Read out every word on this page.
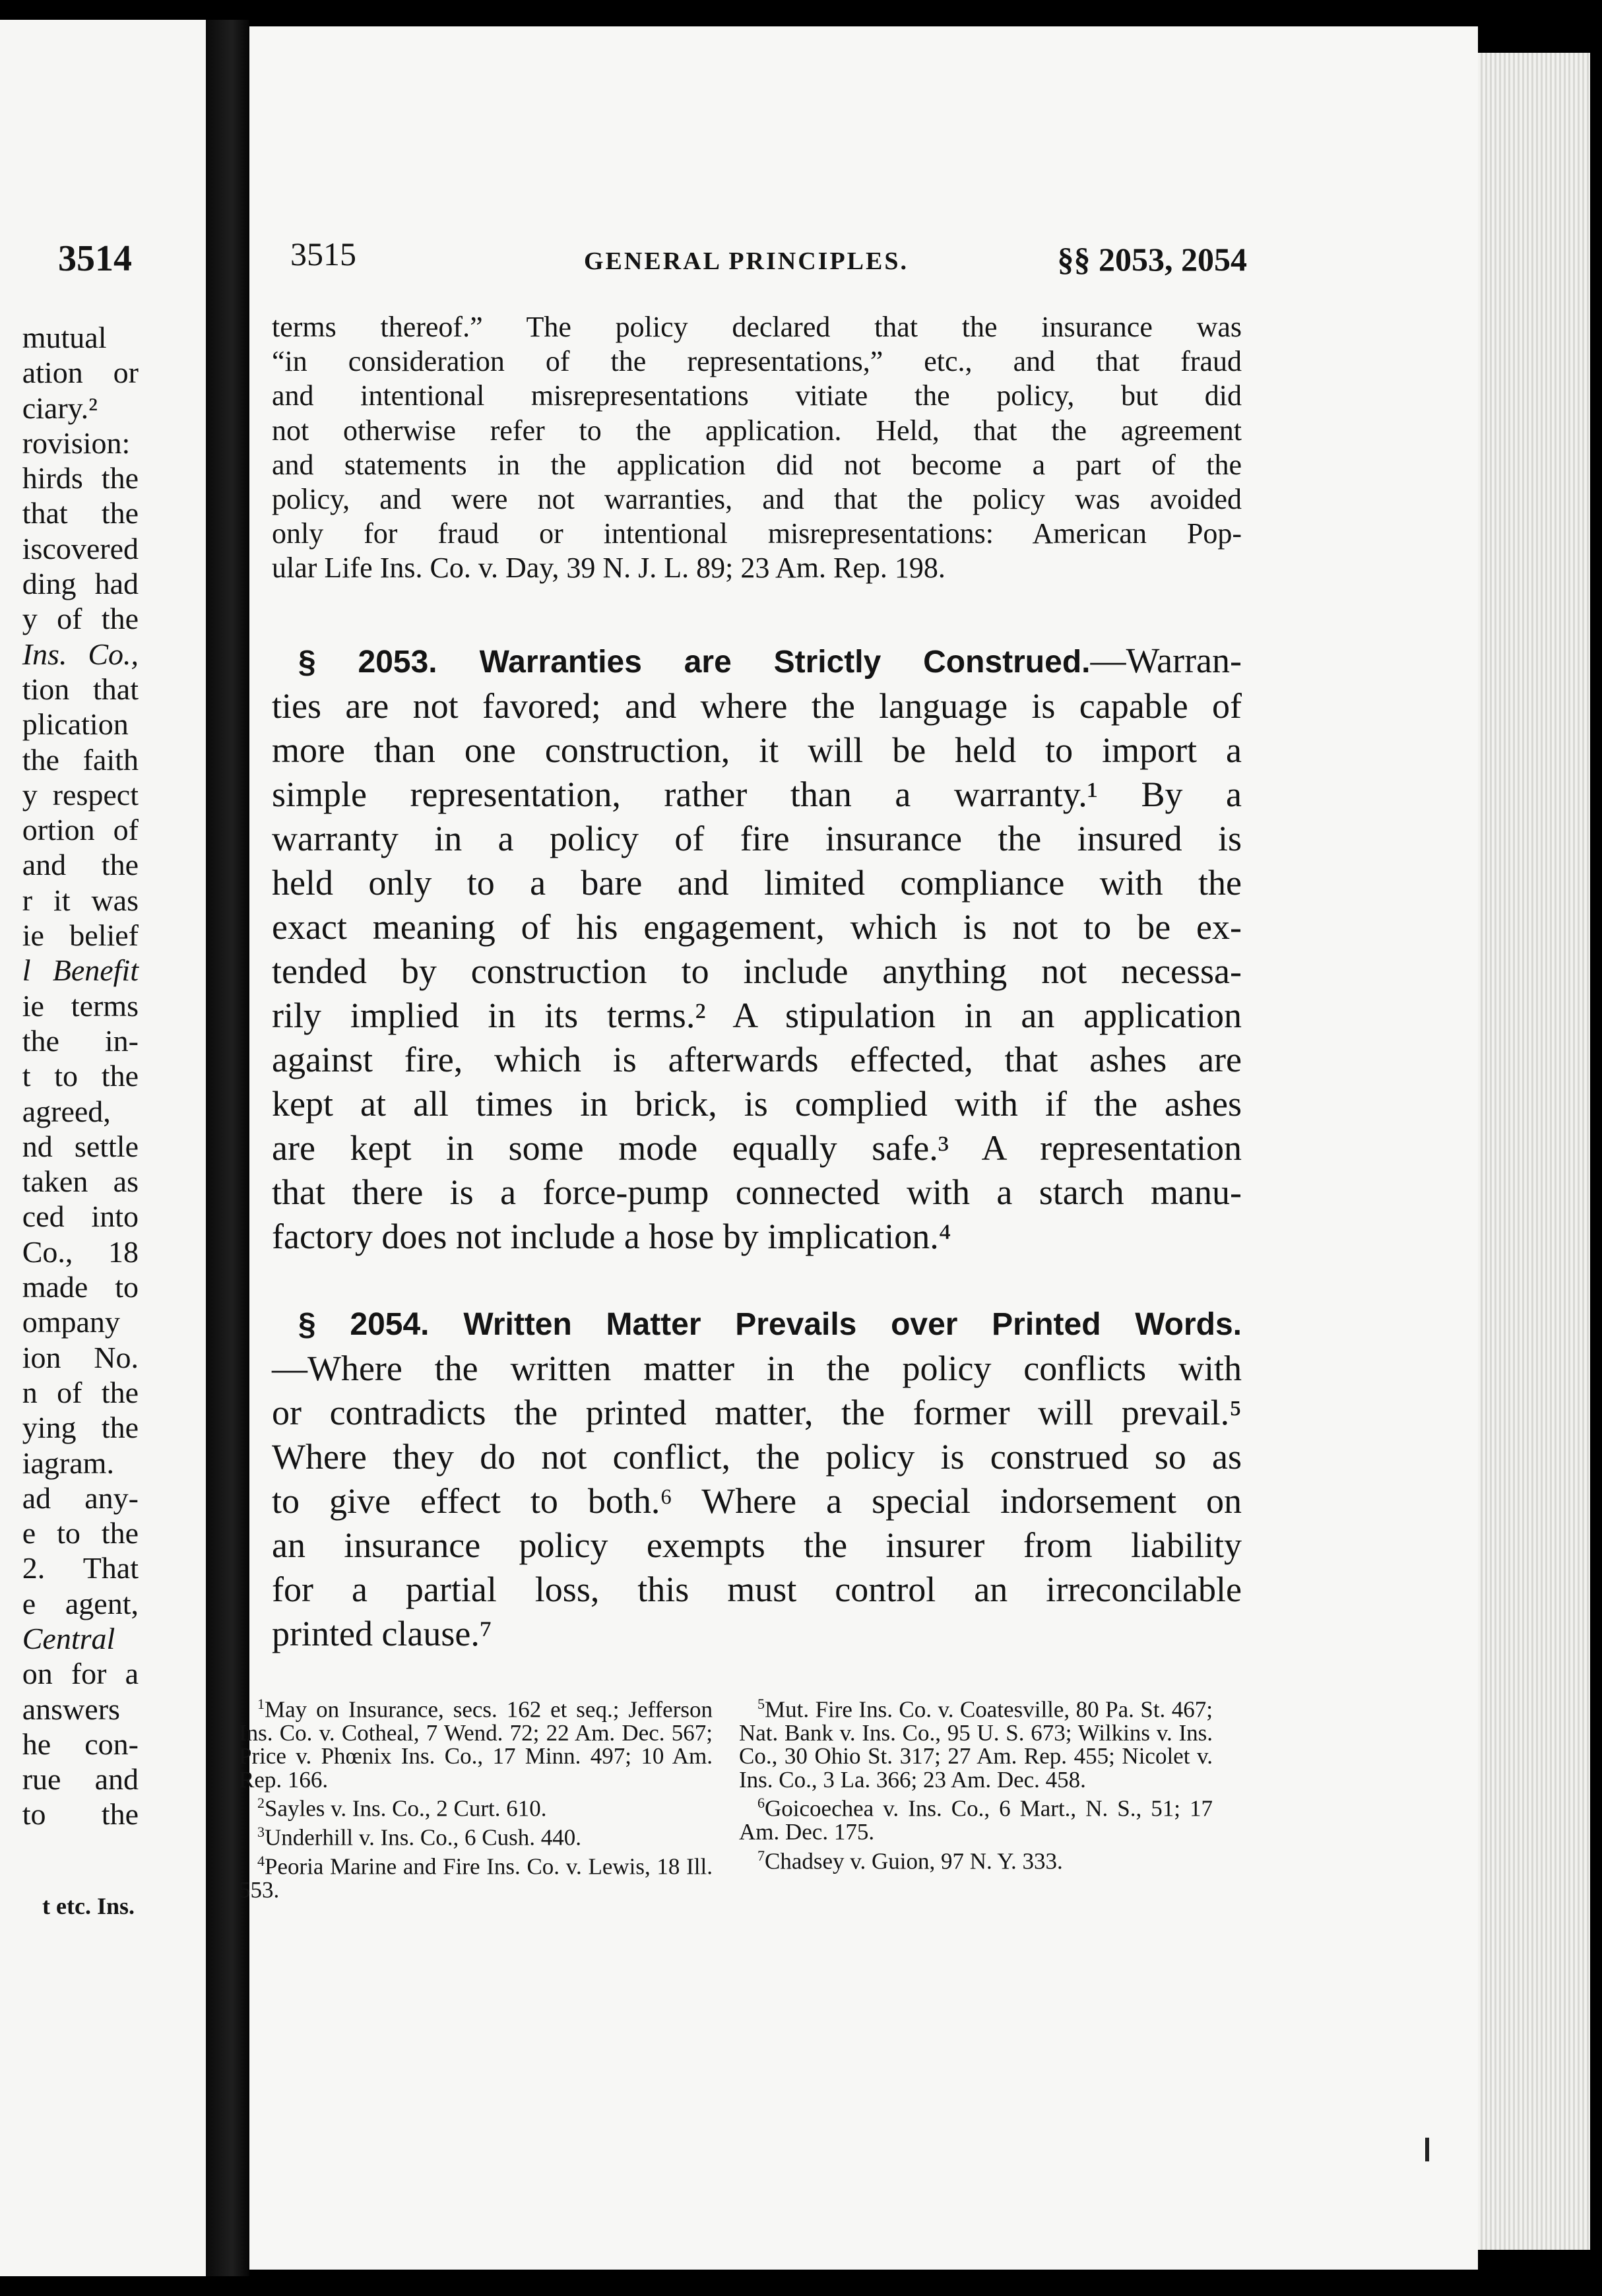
3514
mutual
ation or
ciary.²
rovision:
hirds the
that the
iscovered
ding had
y of the
Ins. Co.,
tion that
plication
the faith
y respect
ortion of
and the
r it was
ie belief
l Benefit
ie terms
the in-
t to the
agreed,
nd settle
taken as
ced into
Co., 18
made to
ompany
ion No.
n of the
ying the
iagram.
ad any-
e to the
2. That
e agent,
Central
on for a
answers
he con-
rue and
to the
t etc. Ins.
3515	GENERAL PRINCIPLES.	§§ 2053, 2054
terms thereof.” The policy declared that the insurance was
“in consideration of the representations,” etc., and that fraud
and intentional misrepresentations vitiate the policy, but did
not otherwise refer to the application. Held, that the agreement
and statements in the application did not become a part of the
policy, and were not warranties, and that the policy was avoided
only for fraud or intentional misrepresentations: American Pop-
ular Life Ins. Co. v. Day, 39 N. J. L. 89; 23 Am. Rep. 198.
§ 2053. Warranties are Strictly Construed.—Warran-
ties are not favored; and where the language is capable of
more than one construction, it will be held to import a
simple representation, rather than a warranty.¹ By a
warranty in a policy of fire insurance the insured is
held only to a bare and limited compliance with the
exact meaning of his engagement, which is not to be ex-
tended by construction to include anything not necessa-
rily implied in its terms.² A stipulation in an application
against fire, which is afterwards effected, that ashes are
kept at all times in brick, is complied with if the ashes
are kept in some mode equally safe.³ A representation
that there is a force-pump connected with a starch manu-
factory does not include a hose by implication.⁴
§ 2054. Written Matter Prevails over Printed Words.
—Where the written matter in the policy conflicts with
or contradicts the printed matter, the former will prevail.⁵
Where they do not conflict, the policy is construed so as
to give effect to both.⁶ Where a special indorsement on
an insurance policy exempts the insurer from liability
for a partial loss, this must control an irreconcilable
printed clause.⁷
$^1$May on Insurance, secs. 162 et seq.; Jefferson Ins. Co. v. Cotheal, 7 Wend. 72; 22 Am. Dec. 567; Price v. Phœnix Ins. Co., 17 Minn. 497; 10 Am. Rep. 166.
$^2$Sayles v. Ins. Co., 2 Curt. 610.
$^3$Underhill v. Ins. Co., 6 Cush. 440.
$^4$Peoria Marine and Fire Ins. Co. v. Lewis, 18 Ill. 553.
$^5$Mut. Fire Ins. Co. v. Coatesville, 80 Pa. St. 467; Nat. Bank v. Ins. Co., 95 U. S. 673; Wilkins v. Ins. Co., 30 Ohio St. 317; 27 Am. Rep. 455; Nicolet v. Ins. Co., 3 La. 366; 23 Am. Dec. 458.
$^6$Goicoechea v. Ins. Co., 6 Mart., N. S., 51; 17 Am. Dec. 175.
$^7$Chadsey v. Guion, 97 N. Y. 333.
